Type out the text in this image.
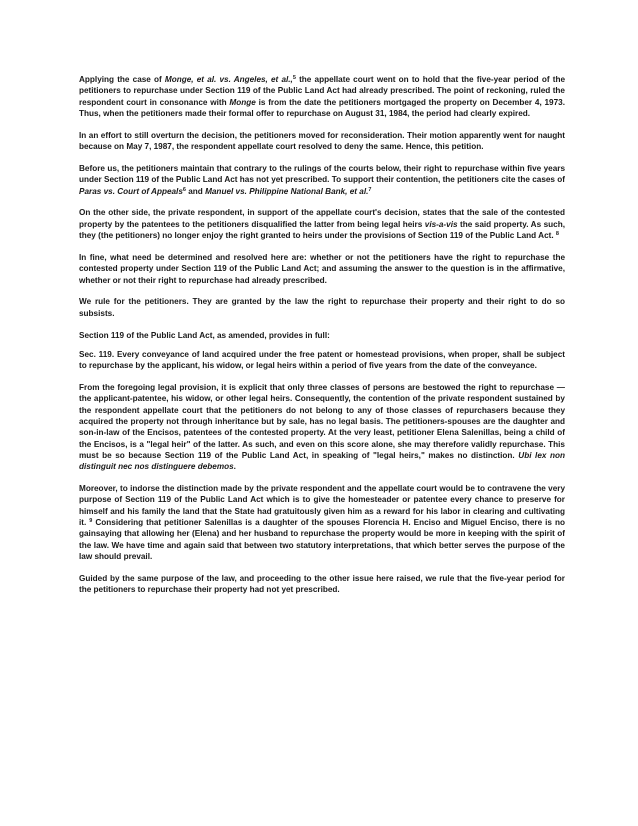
Applying the case of Monge, et al. vs. Angeles, et al.,$^5$ the appellate court went on to hold that the five-year period of the petitioners to repurchase under Section 119 of the Public Land Act had already prescribed. The point of reckoning, ruled the respondent court in consonance with Monge is from the date the petitioners mortgaged the property on December 4, 1973. Thus, when the petitioners made their formal offer to repurchase on August 31, 1984, the period had clearly expired.

In an effort to still overturn the decision, the petitioners moved for reconsideration. Their motion apparently went for naught because on May 7, 1987, the respondent appellate court resolved to deny the same. Hence, this petition.

Before us, the petitioners maintain that contrary to the rulings of the courts below, their right to repurchase within five years under Section 119 of the Public Land Act has not yet prescribed. To support their contention, the petitioners cite the cases of Paras vs. Court of Appeals$^6$ and Manuel vs. Philippine National Bank, et al.$^7$

On the other side, the private respondent, in support of the appellate court's decision, states that the sale of the contested property by the patentees to the petitioners disqualified the latter from being legal heirs vis-a-vis the said property. As such, they (the petitioners) no longer enjoy the right granted to heirs under the provisions of Section 119 of the Public Land Act. $^8$

In fine, what need be determined and resolved here are: whether or not the petitioners have the right to repurchase the contested property under Section 119 of the Public Land Act; and assuming the answer to the question is in the affirmative, whether or not their right to repurchase had already prescribed.

We rule for the petitioners. They are granted by the law the right to repurchase their property and their right to do so subsists.

Section 119 of the Public Land Act, as amended, provides in full:

Sec. 119. Every conveyance of land acquired under the free patent or homestead provisions, when proper, shall be subject to repurchase by the applicant, his widow, or legal heirs within a period of five years from the date of the conveyance.

From the foregoing legal provision, it is explicit that only three classes of persons are bestowed the right to repurchase — the applicant-patentee, his widow, or other legal heirs. Consequently, the contention of the private respondent sustained by the respondent appellate court that the petitioners do not belong to any of those classes of repurchasers because they acquired the property not through inheritance but by sale, has no legal basis. The petitioners-spouses are the daughter and son-in-law of the Encisos, patentees of the contested property. At the very least, petitioner Elena Salenillas, being a child of the Encisos, is a "legal heir" of the latter. As such, and even on this score alone, she may therefore validly repurchase. This must be so because Section 119 of the Public Land Act, in speaking of "legal heirs," makes no distinction. Ubi lex non distinguit nec nos distinguere debemos.

Moreover, to indorse the distinction made by the private respondent and the appellate court would be to contravene the very purpose of Section 119 of the Public Land Act which is to give the homesteader or patentee every chance to preserve for himself and his family the land that the State had gratuitously given him as a reward for his labor in clearing and cultivating it. $^9$ Considering that petitioner Salenillas is a daughter of the spouses Florencia H. Enciso and Miguel Enciso, there is no gainsaying that allowing her (Elena) and her husband to repurchase the property would be more in keeping with the spirit of the law. We have time and again said that between two statutory interpretations, that which better serves the purpose of the law should prevail.

Guided by the same purpose of the law, and proceeding to the other issue here raised, we rule that the five-year period for the petitioners to repurchase their property had not yet prescribed.
